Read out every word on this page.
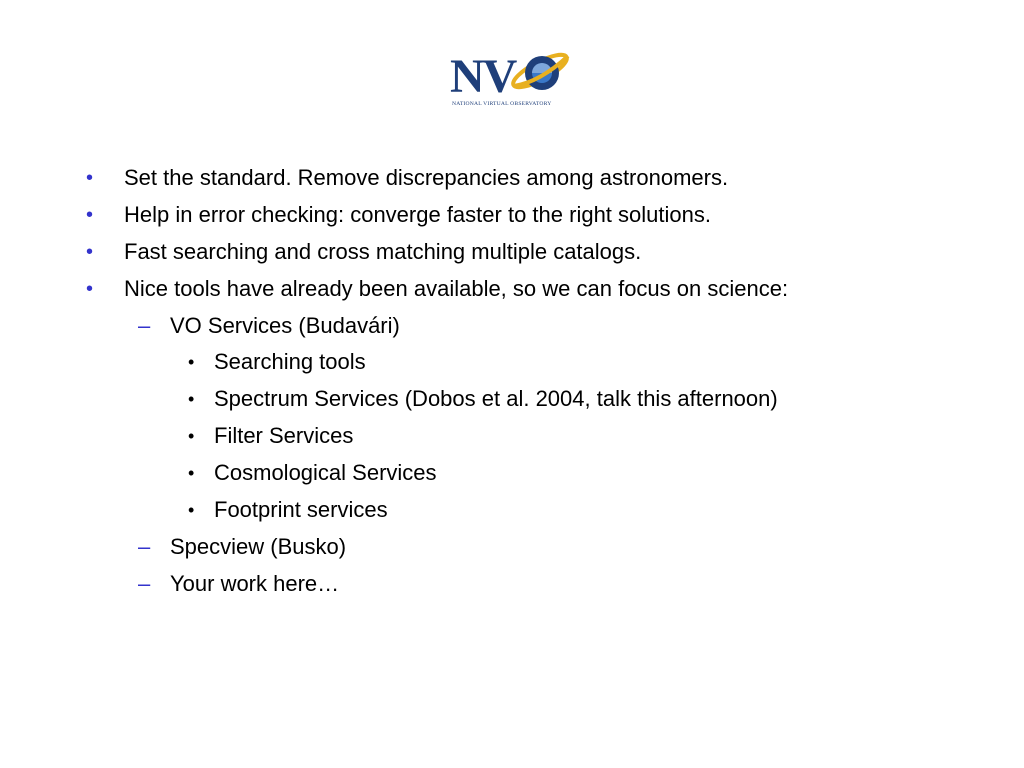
NV
NATIONAL VIRTUAL OBSERVATORY
• Set the standard. Remove discrepancies among astronomers.
• Help in error checking: converge faster to the right solutions.
• Fast searching and cross matching multiple catalogs.
• Nice tools have already been available, so we can focus on science:
– VO Services (Budavári)
• Searching tools
• Spectrum Services (Dobos et al. 2004, talk this afternoon)
• Filter Services
• Cosmological Services
• Footprint services
– Specview (Busko)
– Your work here…
